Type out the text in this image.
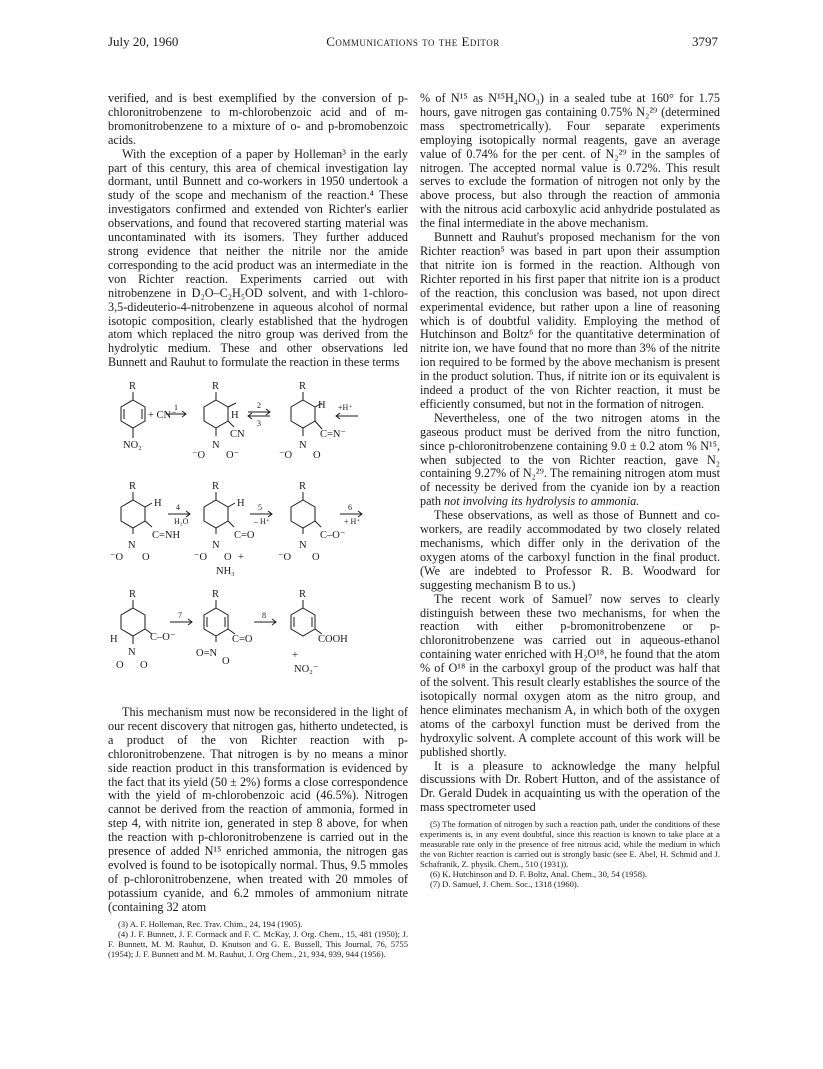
July 20, 1960	Communications to the Editor	3797

verified, and is best exemplified by the conversion of p-chloronitrobenzene to m-chlorobenzoic acid and of m-bromonitrobenzene to a mixture of o- and p-bromobenzoic acids.

With the exception of a paper by Holleman³ in the early part of this century, this area of chemical investigation lay dormant, until Bunnett and co-workers in 1950 undertook a study of the scope and mechanism of the reaction.⁴ These investigators confirmed and extended von Richter's earlier observations, and found that recovered starting material was uncontaminated with its isomers. They further adduced strong evidence that neither the nitrile nor the amide corresponding to the acid product was an intermediate in the von Richter reaction. Experiments carried out with nitrobenzene in D₂O–C₂H₅OD solvent, and with 1-chloro-3,5-dideuterio-4-nitrobenzene in aqueous alcohol of normal isotopic composition, clearly established that the hydrogen atom which replaced the nitro group was derived from the hydrolytic medium. These and other observations led Bunnett and Rauhut to formulate the reaction in these terms

R	R	R
+ CN⁻
NO₂
H
CN
⁻O
N
O⁻
H
C=N⁻
⁻O
N
O
R	R	R
H
C=NH
⁻O
N
O
H
C=O
⁻O
N
O +
NH₃
C–O⁻
⁻O
N
O
R	R	R
H	C–O⁻
N
O O
C=O
O=N
O
COOH
+
NO₂⁻
1	2
3
+H⁺
4
H₂O
5
– H⁺
6
+ H⁺
7	8

This mechanism must now be reconsidered in the light of our recent discovery that nitrogen gas, hitherto undetected, is a product of the von Richter reaction with p-chloronitrobenzene. That nitrogen is by no means a minor side reaction product in this transformation is evidenced by the fact that its yield (50 ± 2%) forms a close correspondence with the yield of m-chlorobenzoic acid (46.5%). Nitrogen cannot be derived from the reaction of ammonia, formed in step 4, with nitrite ion, generated in step 8 above, for when the reaction with p-chloronitrobenzene is carried out in the presence of added N¹⁵ enriched ammonia, the nitrogen gas evolved is found to be isotopically normal. Thus, 9.5 mmoles of p-chloronitrobenzene, when treated with 20 mmoles of potassium cyanide, and 6.2 mmoles of ammonium nitrate (containing 32 atom

(3) A. F. Holleman, Rec. Trav. Chim., 24, 194 (1905).
(4) J. F. Bunnett, J. F. Cormack and F. C. McKay, J. Org. Chem., 15, 481 (1950); J. F. Bunnett, M. M. Rauhut, D. Knutson and G. E. Bussell, This Journal, 76, 5755 (1954); J. F. Bunnett and M. M. Rauhut, J. Org Chem., 21, 934, 939, 944 (1956).

% of N¹⁵ as N¹⁵H₄NO₃) in a sealed tube at 160° for 1.75 hours, gave nitrogen gas containing 0.75% N₂²⁹ (determined mass spectrometrically). Four separate experiments employing isotopically normal reagents, gave an average value of 0.74% for the per cent. of N₂²⁹ in the samples of nitrogen. The accepted normal value is 0.72%. This result serves to exclude the formation of nitrogen not only by the above process, but also through the reaction of ammonia with the nitrous acid carboxylic acid anhydride postulated as the final intermediate in the above mechanism.

Bunnett and Rauhut's proposed mechanism for the von Richter reaction⁵ was based in part upon their assumption that nitrite ion is formed in the reaction. Although von Richter reported in his first paper that nitrite ion is a product of the reaction, this conclusion was based, not upon direct experimental evidence, but rather upon a line of reasoning which is of doubtful validity. Employing the method of Hutchinson and Boltz⁶ for the quantitative determination of nitrite ion, we have found that no more than 3% of the nitrite ion required to be formed by the above mechanism is present in the product solution. Thus, if nitrite ion or its equivalent is indeed a product of the von Richter reaction, it must be efficiently consumed, but not in the formation of nitrogen.

Nevertheless, one of the two nitrogen atoms in the gaseous product must be derived from the nitro function, since p-chloronitrobenzene containing 9.0 ± 0.2 atom % N¹⁵, when subjected to the von Richter reaction, gave N₂ containing 9.27% of N₂²⁹. The remaining nitrogen atom must of necessity be derived from the cyanide ion by a reaction path not involving its hydrolysis to ammonia.

These observations, as well as those of Bunnett and co-workers, are readily accommodated by two closely related mechanisms, which differ only in the derivation of the oxygen atoms of the carboxyl function in the final product. (We are indebted to Professor R. B. Woodward for suggesting mechanism B to us.)

The recent work of Samuel⁷ now serves to clearly distinguish between these two mechanisms, for when the reaction with either p-bromonitrobenzene or p-chloronitrobenzene was carried out in aqueous-ethanol containing water enriched with H₂O¹⁸, he found that the atom % of O¹⁸ in the carboxyl group of the product was half that of the solvent. This result clearly establishes the source of the isotopically normal oxygen atom as the nitro group, and hence eliminates mechanism A, in which both of the oxygen atoms of the carboxyl function must be derived from the hydroxylic solvent. A complete account of this work will be published shortly.

It is a pleasure to acknowledge the many helpful discussions with Dr. Robert Hutton, and of the assistance of Dr. Gerald Dudek in acquainting us with the operation of the mass spectrometer used

(5) The formation of nitrogen by such a reaction path, under the conditions of these experiments is, in any event doubtful, since this reaction is known to take place at a measurable rate only in the presence of free nitrous acid, while the medium in which the von Richter reaction is carried out is strongly basic (see E. Abel, H. Schmid and J. Schafranik, Z. physik. Chem., 510 (1931)).
(6) K. Hutchinson and D. F. Boltz, Anal. Chem., 30, 54 (1958).
(7) D. Samuel, J. Chem. Soc., 1318 (1960).
